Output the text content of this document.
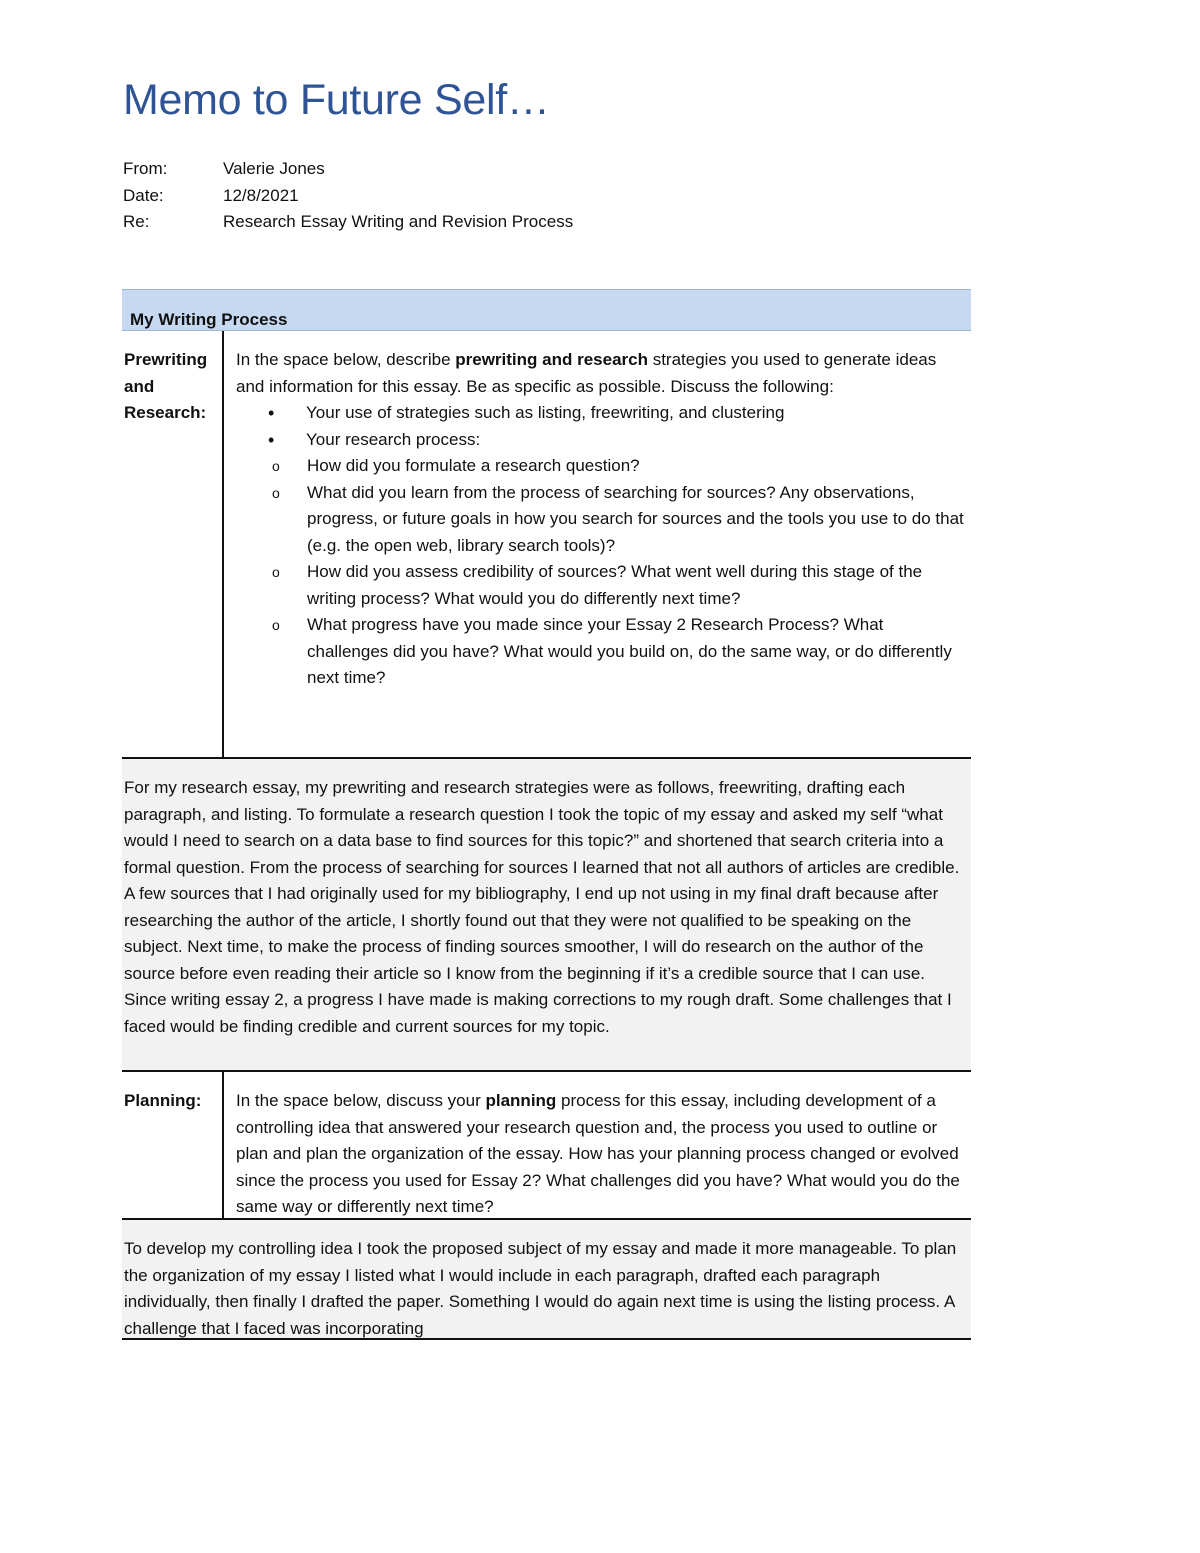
Memo to Future Self…
From:	Valerie Jones
Date:	12/8/2021
Re:	Research Essay Writing and Revision Process
My Writing Process
Prewriting
and
Research:

In the space below, describe prewriting and research strategies you used to generate ideas and information for this essay. Be as specific as possible. Discuss the following:

• Your use of strategies such as listing, freewriting, and clustering
• Your research process:
o How did you formulate a research question?
o What did you learn from the process of searching for sources? Any observations, progress, or future goals in how you search for sources and the tools you use to do that (e.g. the open web, library search tools)?
o How did you assess credibility of sources? What went well during this stage of the writing process? What would you do differently next time?
o What progress have you made since your Essay 2 Research Process? What challenges did you have? What would you build on, do the same way, or do differently next time?

For my research essay, my prewriting and research strategies were as follows, freewriting, drafting each paragraph, and listing. To formulate a research question I took the topic of my essay and asked my self “what would I need to search on a data base to find sources for this topic?” and shortened that search criteria into a formal question. From the process of searching for sources I learned that not all authors of articles are credible. A few sources that I had originally used for my bibliography, I end up not using in my final draft because after researching the author of the article, I shortly found out that they were not qualified to be speaking on the subject. Next time, to make the process of finding sources smoother, I will do research on the author of the source before even reading their article so I know from the beginning if it’s a credible source that I can use. Since writing essay 2, a progress I have made is making corrections to my rough draft. Some challenges that I faced would be finding credible and current sources for my topic.

Planning:	In the space below, discuss your planning process for this essay, including development of a controlling idea that answered your research question and, the process you used to outline or plan and plan the organization of the essay. How has your planning process changed or evolved since the process you used for Essay 2? What challenges did you have? What would you do the same way or differently next time?

To develop my controlling idea I took the proposed subject of my essay and made it more manageable. To plan the organization of my essay I listed what I would include in each paragraph, drafted each paragraph individually, then finally I drafted the paper. Something I would do again next time is using the listing process. A challenge that I faced was incorporating
